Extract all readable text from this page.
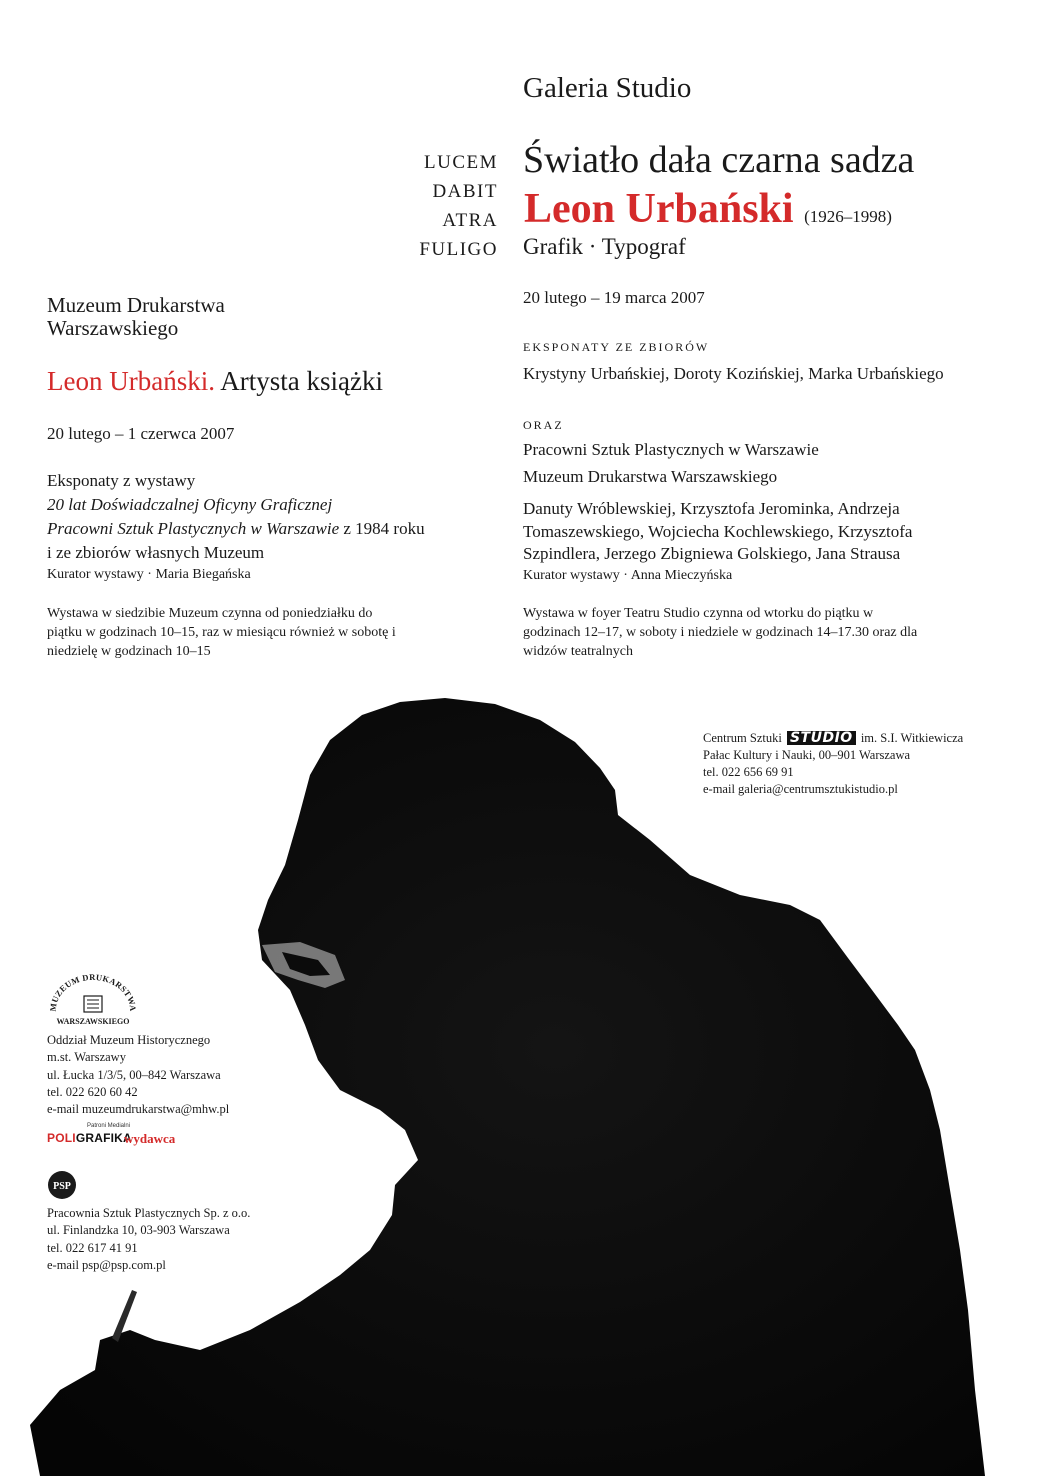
Galeria Studio
LUCEM
DABIT
ATRA
FULIGO
Światło dała czarna sadza
Leon Urbański (1926–1998)
Grafik · Typograf
20 lutego – 19 marca 2007
EKSPONATY ZE ZBIORÓW
Krystyny Urbańskiej, Doroty Kozińskiej, Marka Urbańskiego
ORAZ
Pracowni Sztuk Plastycznych w Warszawie
Muzeum Drukarstwa Warszawskiego
Danuty Wróblewskiej, Krzysztofa Jerominka, Andrzeja Tomaszewskiego, Wojciecha Kochlewskiego, Krzysztofa Szpindlera, Jerzego Zbigniewa Golskiego, Jana Strausa
Kurator wystawy · Anna Mieczyńska
Wystawa w foyer Teatru Studio czynna od wtorku do piątku w godzinach 12–17, w soboty i niedziele w godzinach 14–17.30 oraz dla widzów teatralnych
Muzeum Drukarstwa Warszawskiego
Leon Urbański. Artysta książki
20 lutego – 1 czerwca 2007
Eksponaty z wystawy
20 lat Doświadczalnej Oficyny Graficznej
Pracowni Sztuk Plastycznych w Warszawie z 1984 roku
i ze zbiorów własnych Muzeum
Kurator wystawy · Maria Biegańska
Wystawa w siedzibie Muzeum czynna od poniedziałku do piątku w godzinach 10–15, raz w miesiącu również w sobotę i niedzielę w godzinach 10–15
Centrum Sztuki STUDIO im. S.I. Witkiewicza
Pałac Kultury i Nauki, 00–901 Warszawa
tel. 022 656 69 91
e-mail galeria@centrumsztukistudio.pl
MUZEUM DRUKARSTWA
WARSZAWSKIEGO
Oddział Muzeum Historycznego
m.st. Warszawy
ul. Łucka 1/3/5, 00–842 Warszawa
tel. 022 620 60 42
e-mail muzeumdrukarstwa@mhw.pl
Patroni Medialni
POLIGRAFIKA
wydawca
PSP
Pracownia Sztuk Plastycznych Sp. z o.o.
ul. Finlandzka 10, 03-903 Warszawa
tel. 022 617 41 91
e-mail psp@psp.com.pl
